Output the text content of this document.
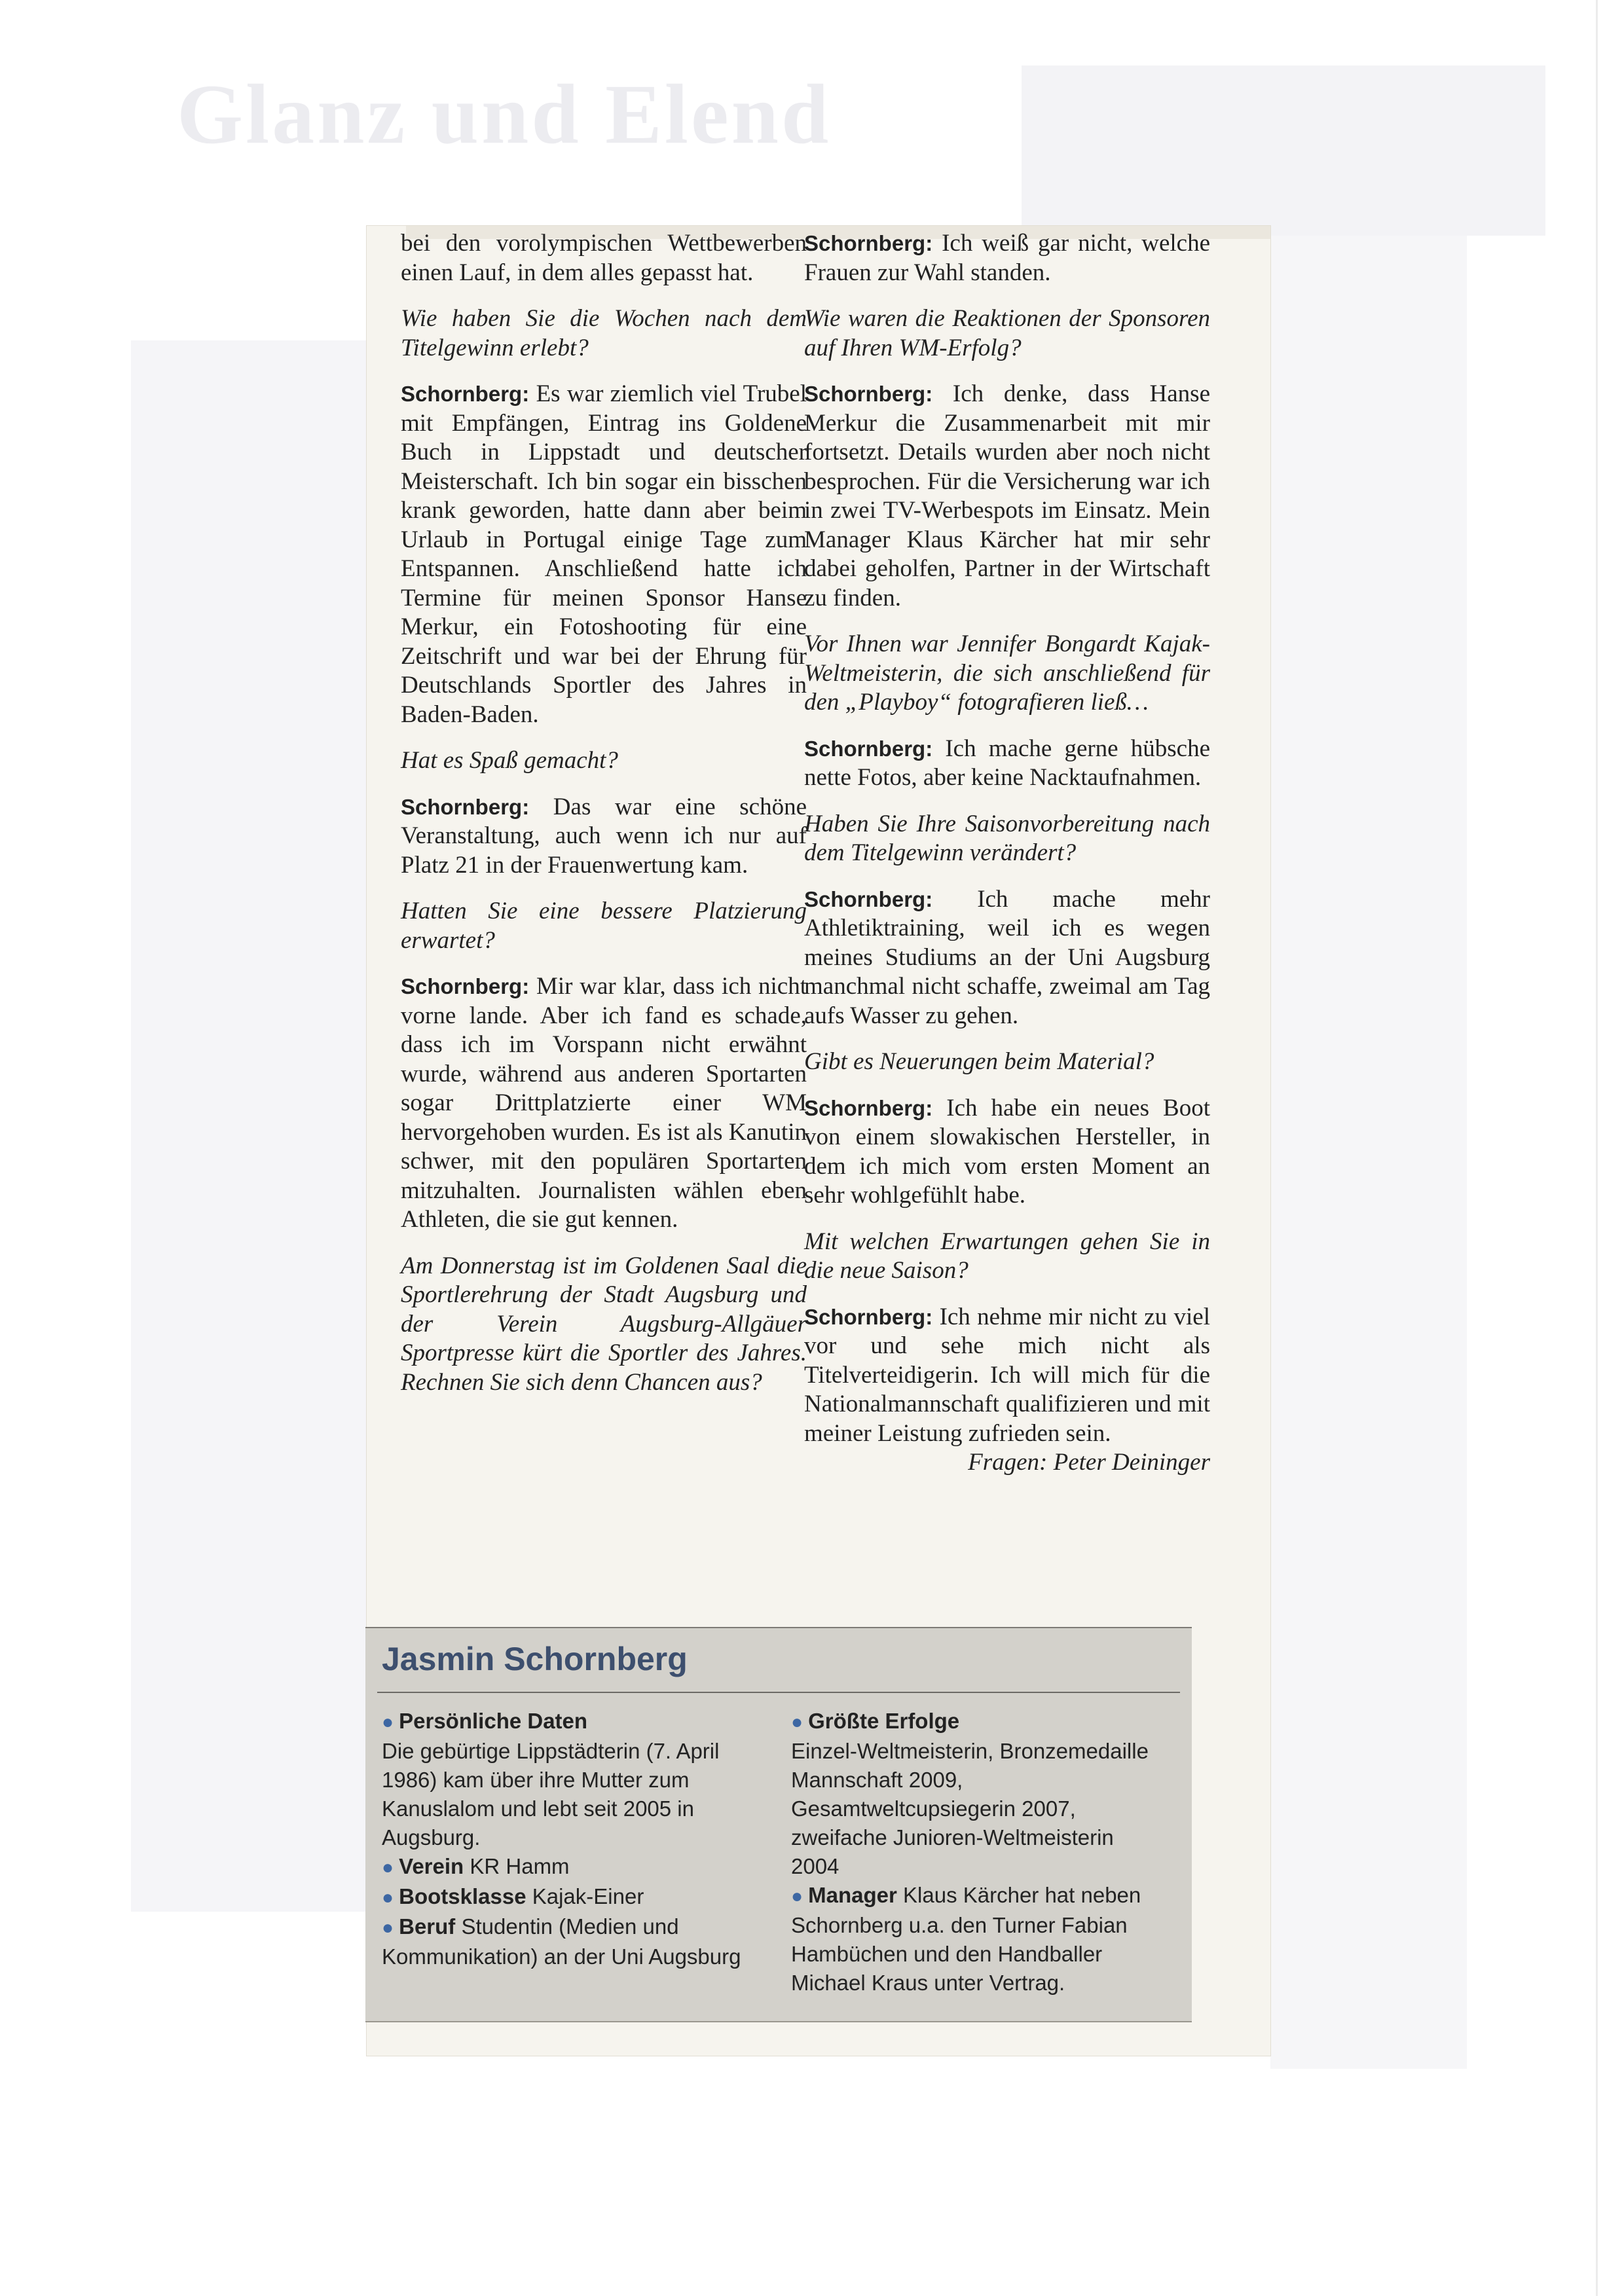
Glanz und Elend

bei den vorolympischen Wettbewerben einen Lauf, in dem alles gepasst hat.

Wie haben Sie die Wochen nach dem Titelgewinn erlebt?

Schornberg: Es war ziemlich viel Trubel mit Empfängen, Eintrag ins Goldene Buch in Lippstadt und deutscher Meisterschaft. Ich bin sogar ein bisschen krank geworden, hatte dann aber beim Urlaub in Portugal einige Tage zum Entspannen. Anschließend hatte ich Termine für meinen Sponsor Hanse Merkur, ein Fotoshooting für eine Zeitschrift und war bei der Ehrung für Deutschlands Sportler des Jahres in Baden-Baden.

Hat es Spaß gemacht?

Schornberg: Das war eine schöne Veranstaltung, auch wenn ich nur auf Platz 21 in der Frauenwertung kam.

Hatten Sie eine bessere Platzierung erwartet?

Schornberg: Mir war klar, dass ich nicht vorne lande. Aber ich fand es schade, dass ich im Vorspann nicht erwähnt wurde, während aus anderen Sportarten sogar Drittplatzierte einer WM hervorgehoben wurden. Es ist als Kanutin schwer, mit den populären Sportarten mitzuhalten. Journalisten wählen eben Athleten, die sie gut kennen.

Am Donnerstag ist im Goldenen Saal die Sportlerehrung der Stadt Augsburg und der Verein Augsburg-Allgäuer Sportpresse kürt die Sportler des Jahres. Rechnen Sie sich denn Chancen aus?

Schornberg: Ich weiß gar nicht, welche Frauen zur Wahl standen.

Wie waren die Reaktionen der Sponsoren auf Ihren WM-Erfolg?

Schornberg: Ich denke, dass Hanse Merkur die Zusammenarbeit mit mir fortsetzt. Details wurden aber noch nicht besprochen. Für die Versicherung war ich in zwei TV-Werbespots im Einsatz. Mein Manager Klaus Kärcher hat mir sehr dabei geholfen, Partner in der Wirtschaft zu finden.

Vor Ihnen war Jennifer Bongardt Kajak-Weltmeisterin, die sich anschließend für den „Playboy“ fotografieren ließ…

Schornberg: Ich mache gerne hübsche nette Fotos, aber keine Nacktaufnahmen.

Haben Sie Ihre Saisonvorbereitung nach dem Titelgewinn verändert?

Schornberg: Ich mache mehr Athletiktraining, weil ich es wegen meines Studiums an der Uni Augsburg manchmal nicht schaffe, zweimal am Tag aufs Wasser zu gehen.

Gibt es Neuerungen beim Material?

Schornberg: Ich habe ein neues Boot von einem slowakischen Hersteller, in dem ich mich vom ersten Moment an sehr wohlgefühlt habe.

Mit welchen Erwartungen gehen Sie in die neue Saison?

Schornberg: Ich nehme mir nicht zu viel vor und sehe mich nicht als Titelverteidigerin. Ich will mich für die Nationalmannschaft qualifizieren und mit meiner Leistung zufrieden sein.
Fragen: Peter Deininger

Jasmin Schornberg
● Persönliche Daten
Die gebürtige Lippstädterin (7. April 1986) kam über ihre Mutter zum Kanuslalom und lebt seit 2005 in Augsburg.
● Verein KR Hamm
● Bootsklasse Kajak-Einer
● Beruf Studentin (Medien und Kommunikation) an der Uni Augsburg
● Größte Erfolge
Einzel-Weltmeisterin, Bronzemedaille Mannschaft 2009, Gesamtweltcupsiegerin 2007, zweifache Junioren-Weltmeisterin 2004
● Manager Klaus Kärcher hat neben Schornberg u.a. den Turner Fabian Hambüchen und den Handballer Michael Kraus unter Vertrag.
